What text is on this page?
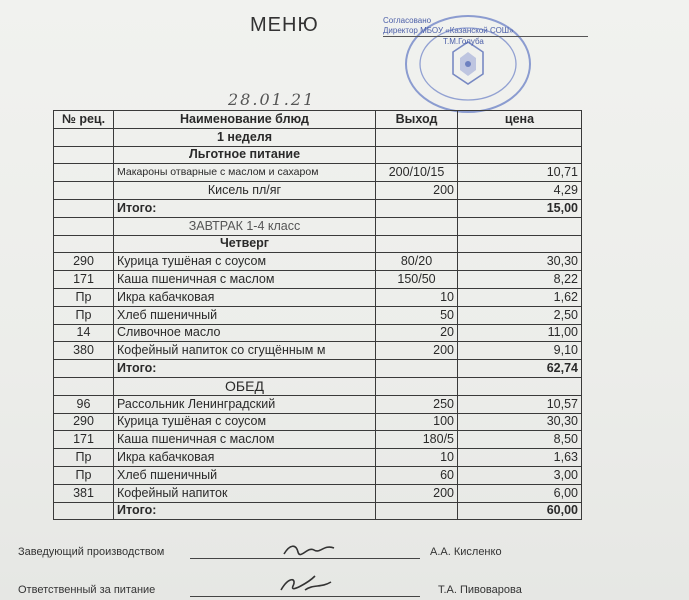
МЕНЮ	Согласовано
Директор МБОУ «Казанской СОШ»
Т.М.Голуба
28.01.21
№ рец.	Наименование блюд	Выход	цена
	1 неделя		
	Льготное питание		
	Макароны отварные с маслом и сахаром	200/10/15	10,71
	Кисель пл/яг	200	4,29
	Итого:		15,00
	ЗАВТРАК 1-4 класс		
	Четверг		
290	Курица тушёная с соусом	80/20	30,30
171	Каша пшеничная с маслом	150/50	8,22
Пр	Икра кабачковая	10	1,62
Пр	Хлеб пшеничный	50	2,50
14	Сливочное масло	20	11,00
380	Кофейный напиток со сгущённым м	200	9,10
	Итого:		62,74
	ОБЕД		
96	Рассольник Ленинградский	250	10,57
290	Курица тушёная с соусом	100	30,30
171	Каша пшеничная с маслом	180/5	8,50
Пр	Икра кабачковая	10	1,63
Пр	Хлеб пшеничный	60	3,00
381	Кофейный напиток	200	6,00
	Итого:		60,00
Заведующий производством	А.А. Кисленко
Ответственный за питание	Т.А. Пивоварова
